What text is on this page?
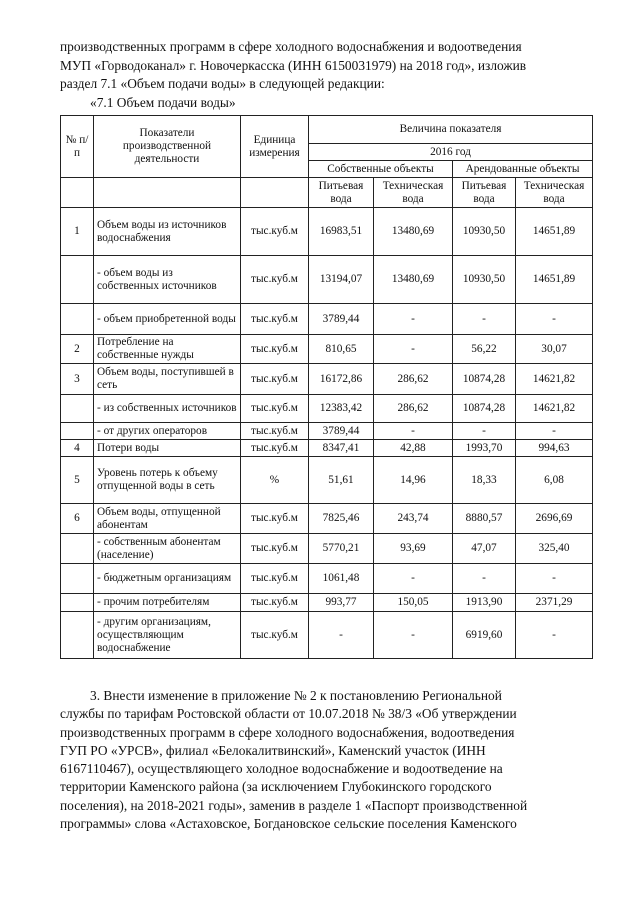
производственных программ в сфере холодного водоснабжения и водоотведения
МУП «Горводоканал» г. Новочеркасска (ИНН 6150031979) на 2018 год», изложив
раздел 7.1 «Объем подачи воды» в следующей редакции:
«7.1 Объем подачи воды»
№ п/п	Показатели производственной деятельности	Единица измерения	Величина показателя			
			2016 год			
			Собственные объекты		Арендованные объекты	
			Питьевая вода	Техническая вода	Питьевая вода	Техническая вода
1	Объем воды из источников водоснабжения	тыс.куб.м	16983,51	13480,69	10930,50	14651,89
	- объем воды из собственных источников	тыс.куб.м	13194,07	13480,69	10930,50	14651,89
	- объем приобретенной воды	тыс.куб.м	3789,44	-	-	-
2	Потребление на собственные нужды	тыс.куб.м	810,65	-	56,22	30,07
3	Объем воды, поступившей в сеть	тыс.куб.м	16172,86	286,62	10874,28	14621,82
	- из собственных источников	тыс.куб.м	12383,42	286,62	10874,28	14621,82
	- от других операторов	тыс.куб.м	3789,44	-	-	-
4	Потери воды	тыс.куб.м	8347,41	42,88	1993,70	994,63
5	Уровень потерь к объему отпущенной воды в сеть	%	51,61	14,96	18,33	6,08
6	Объем воды, отпущенной абонентам	тыс.куб.м	7825,46	243,74	8880,57	2696,69
	- собственным абонентам (население)	тыс.куб.м	5770,21	93,69	47,07	325,40
	- бюджетным организациям	тыс.куб.м	1061,48	-	-	-
	- прочим потребителям	тыс.куб.м	993,77	150,05	1913,90	2371,29
	- другим организациям, осуществляющим водоснабжение	тыс.куб.м	-	-	6919,60	-
3. Внести изменение в приложение № 2 к постановлению Региональной
службы по тарифам Ростовской области от 10.07.2018 № 38/3 «Об утверждении
производственных программ в сфере холодного водоснабжения, водоотведения
ГУП РО «УРСВ», филиал «Белокалитвинский», Каменский участок (ИНН
6167110467), осуществляющего холодное водоснабжение и водоотведение на
территории Каменского района (за исключением Глубокинского городского
поселения), на 2018-2021 годы», заменив в разделе 1 «Паспорт производственной
программы» слова «Астаховское, Богдановское сельские поселения Каменского
